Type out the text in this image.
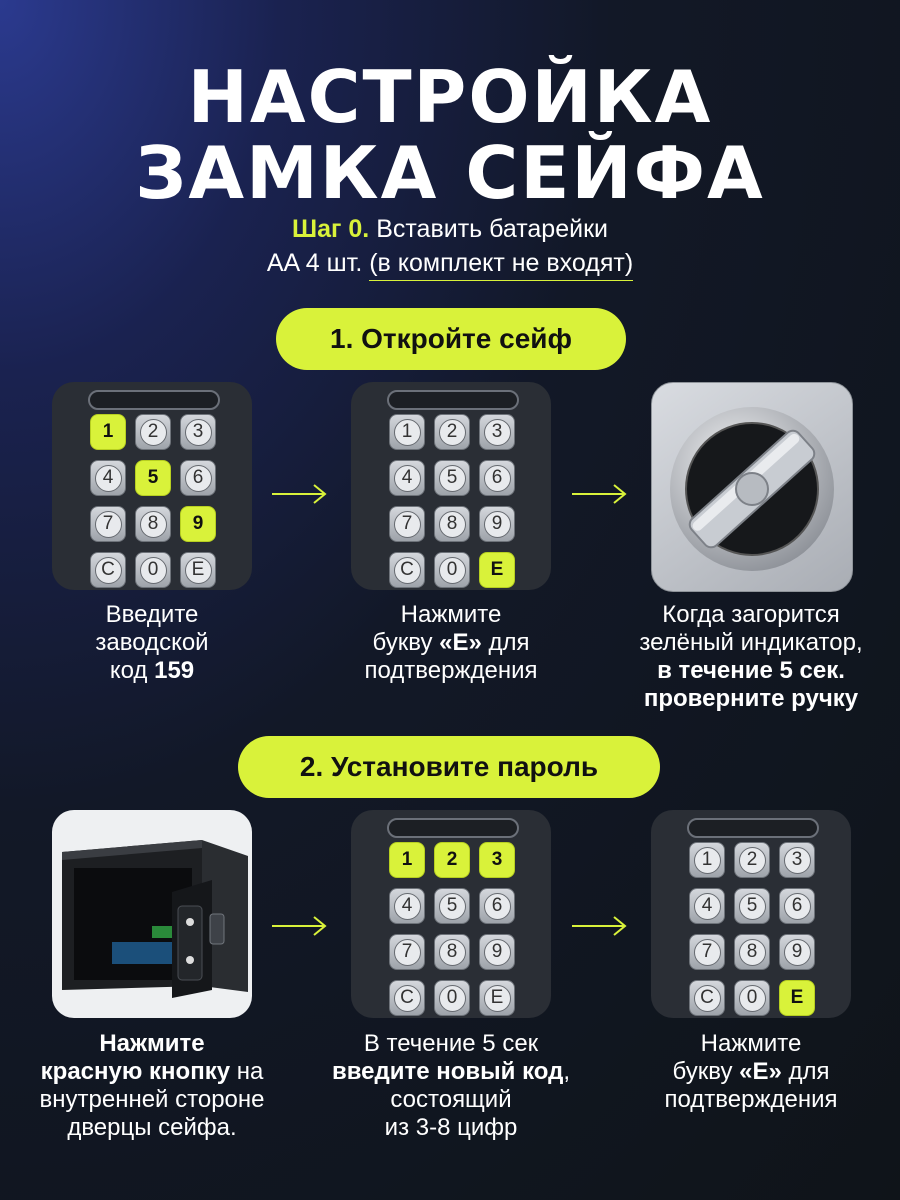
НАСТРОЙКА
ЗАМКА СЕЙФА
Шаг 0. Вставить батарейки
AA 4 шт. (в комплект не входят)
1. Откройте сейф
1	2	3
4	5	6
7	8	9
C	0	E
1	2	3
4	5	6
7	8	9
C	0	E
Введите
заводской
код 159
Нажмите
букву «E» для
подтверждения
Когда загорится
зелёный индикатор,
в течение 5 сек.
проверните ручку
2. Установите пароль
1	2	3
4	5	6
7	8	9
C	0	E
1	2	3
4	5	6
7	8	9
C	0	E
Нажмите
красную кнопку на
внутренней стороне
дверцы сейфа.
В течение 5 сек
введите новый код,
состоящий
из 3-8 цифр
Нажмите
букву «E» для
подтверждения
